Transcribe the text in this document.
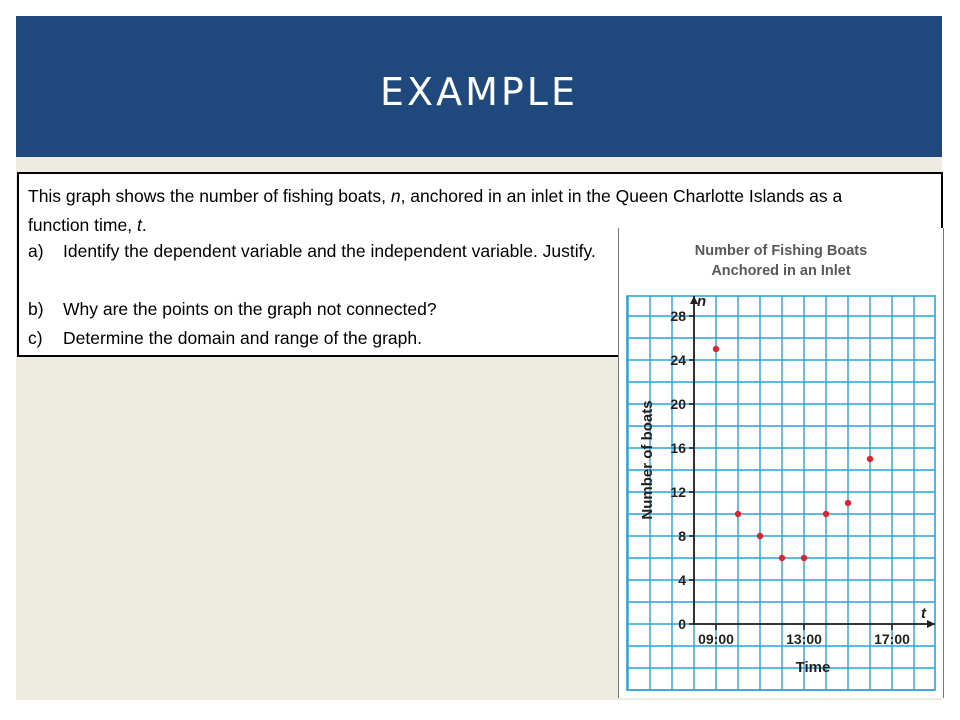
EXAMPLE
This graph shows the number of fishing boats, n, anchored in an inlet in the Queen Charlotte Islands as a function time, t.
a) Identify the dependent variable and the independent variable. Justify.
b) Why are the points on the graph not connected?
c) Determine the domain and range of the graph.
0
4
8
12
16
20
24
28
09:00	13:00	17:00
Number of Fishing Boats
Anchored in an Inlet
Time
Number of boats
n
t
